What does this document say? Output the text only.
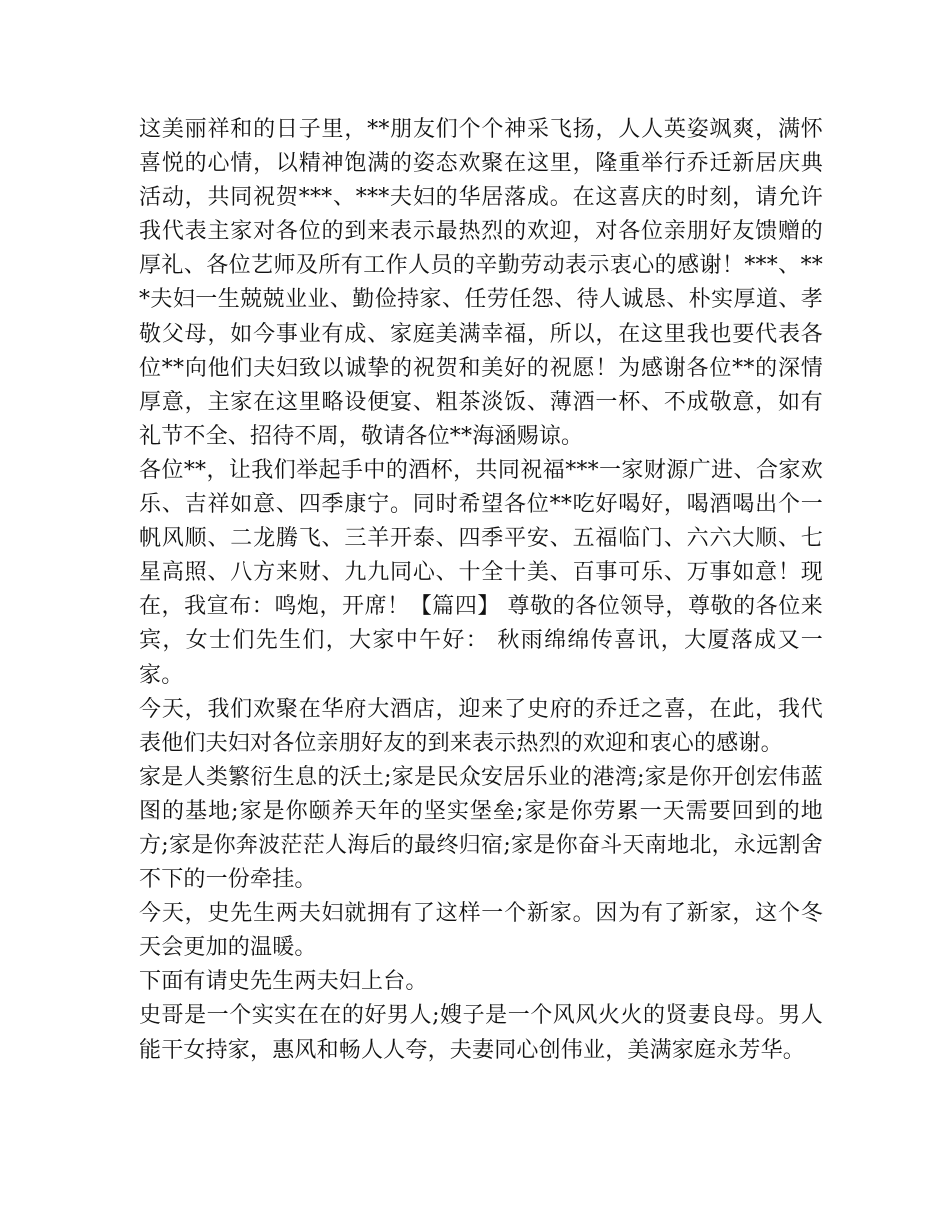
这美丽祥和的日子里，**朋友们个个神采飞扬，人人英姿飒爽，满怀喜悦的心情，以精神饱满的姿态欢聚在这里，隆重举行乔迁新居庆典活动，共同祝贺***、***夫妇的华居落成。在这喜庆的时刻，请允许我代表主家对各位的到来表示最热烈的欢迎，对各位亲朋好友馈赠的厚礼、各位艺师及所有工作人员的辛勤劳动表示衷心的感谢！***、***夫妇一生兢兢业业、勤俭持家、任劳任怨、待人诚恳、朴实厚道、孝敬父母，如今事业有成、家庭美满幸福，所以，在这里我也要代表各位**向他们夫妇致以诚挚的祝贺和美好的祝愿！为感谢各位**的深情厚意，主家在这里略设便宴、粗茶淡饭、薄酒一杯、不成敬意，如有礼节不全、招待不周，敬请各位**海涵赐谅。

各位**，让我们举起手中的酒杯，共同祝福***一家财源广进、合家欢乐、吉祥如意、四季康宁。同时希望各位**吃好喝好，喝酒喝出个一帆风顺、二龙腾飞、三羊开泰、四季平安、五福临门、六六大顺、七星高照、八方来财、九九同心、十全十美、百事可乐、万事如意！现在，我宣布：鸣炮，开席！【篇四】 尊敬的各位领导，尊敬的各位来宾，女士们先生们，大家中午好： 秋雨绵绵传喜讯，大厦落成又一家。

今天，我们欢聚在华府大酒店，迎来了史府的乔迁之喜，在此，我代表他们夫妇对各位亲朋好友的到来表示热烈的欢迎和衷心的感谢。

家是人类繁衍生息的沃土;家是民众安居乐业的港湾;家是你开创宏伟蓝图的基地;家是你颐养天年的坚实堡垒;家是你劳累一天需要回到的地方;家是你奔波茫茫人海后的最终归宿;家是你奋斗天南地北，永远割舍不下的一份牵挂。

今天，史先生两夫妇就拥有了这样一个新家。因为有了新家，这个冬天会更加的温暖。

下面有请史先生两夫妇上台。

史哥是一个实实在在的好男人;嫂子是一个风风火火的贤妻良母。男人能干女持家，惠风和畅人人夸，夫妻同心创伟业，美满家庭永芳华。
